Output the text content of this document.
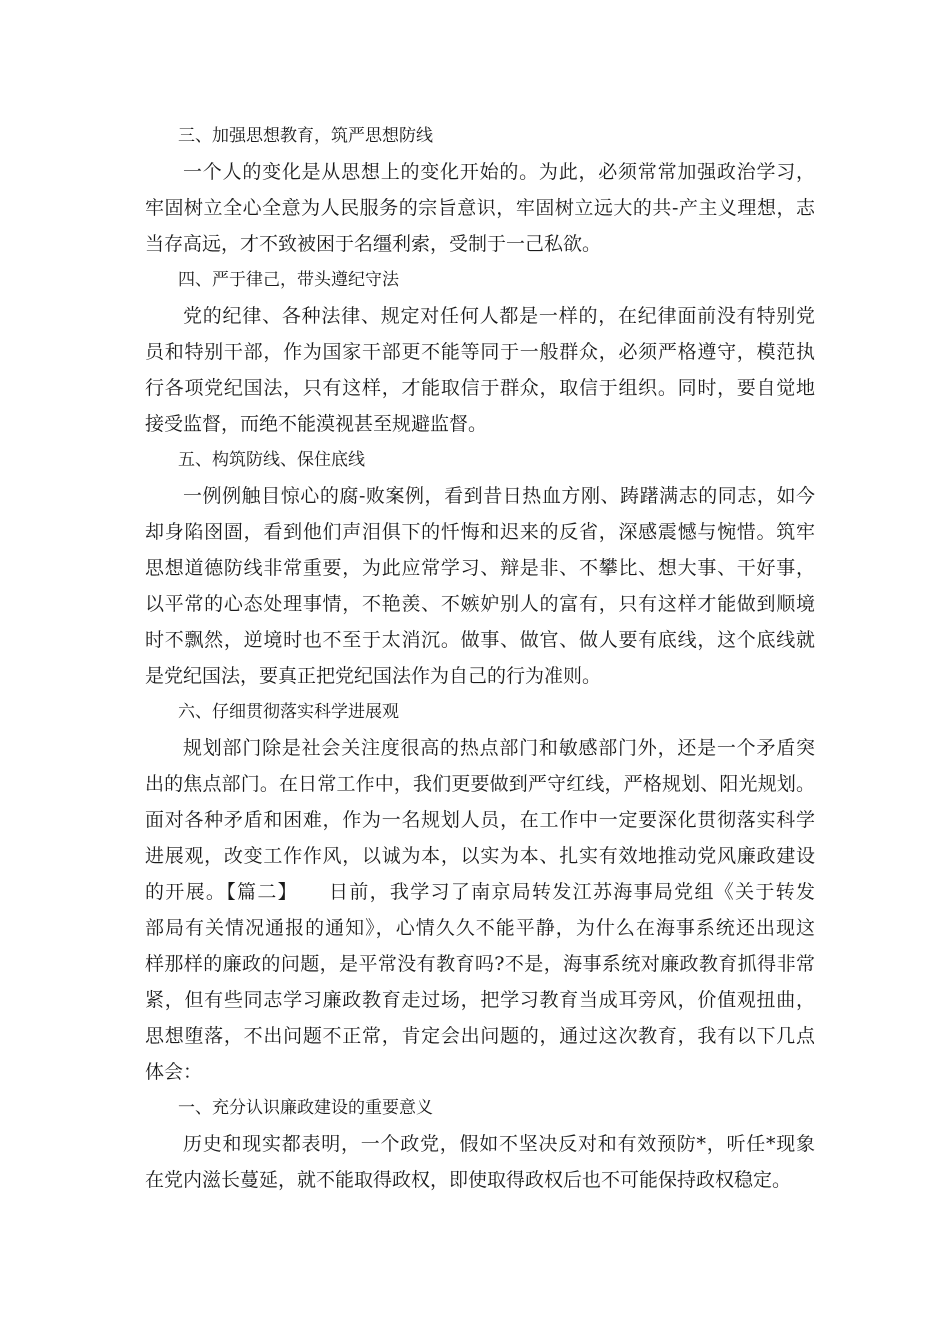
三、加强思想教育，筑严思想防线
一个人的变化是从思想上的变化开始的。为此，必须常常加强政治学习，
牢固树立全心全意为人民服务的宗旨意识，牢固树立远大的共-产主义理想，志
当存高远，才不致被困于名缰利索，受制于一己私欲。
四、严于律己，带头遵纪守法
党的纪律、各种法律、规定对任何人都是一样的，在纪律面前没有特别党
员和特别干部，作为国家干部更不能等同于一般群众，必须严格遵守，模范执
行各项党纪国法，只有这样，才能取信于群众，取信于组织。同时，要自觉地
接受监督，而绝不能漠视甚至规避监督。
五、构筑防线、保住底线
一例例触目惊心的腐-败案例，看到昔日热血方刚、踌躇满志的同志，如今
却身陷囹圄，看到他们声泪俱下的忏悔和迟来的反省，深感震憾与惋惜。筑牢
思想道德防线非常重要，为此应常学习、辩是非、不攀比、想大事、干好事，
以平常的心态处理事情，不艳羡、不嫉妒别人的富有，只有这样才能做到顺境
时不飘然，逆境时也不至于太消沉。做事、做官、做人要有底线，这个底线就
是党纪国法，要真正把党纪国法作为自己的行为准则。
六、仔细贯彻落实科学进展观
规划部门除是社会关注度很高的热点部门和敏感部门外，还是一个矛盾突
出的焦点部门。在日常工作中，我们更要做到严守红线，严格规划、阳光规划。
面对各种矛盾和困难，作为一名规划人员，在工作中一定要深化贯彻落实科学
进展观，改变工作作风，以诚为本，以实为本、扎实有效地推动党风廉政建设
的开展。【篇二】　　日前，我学习了南京局转发江苏海事局党组《关于转发
部局有关情况通报的通知》，心情久久不能平静，为什么在海事系统还出现这
样那样的廉政的问题，是平常没有教育吗?不是，海事系统对廉政教育抓得非常
紧，但有些同志学习廉政教育走过场，把学习教育当成耳旁风，价值观扭曲，
思想堕落，不出问题不正常，肯定会出问题的，通过这次教育，我有以下几点
体会：
一、充分认识廉政建设的重要意义
历史和现实都表明，一个政党，假如不坚决反对和有效预防*，听任*现象
在党内滋长蔓延，就不能取得政权，即使取得政权后也不可能保持政权稳定。
